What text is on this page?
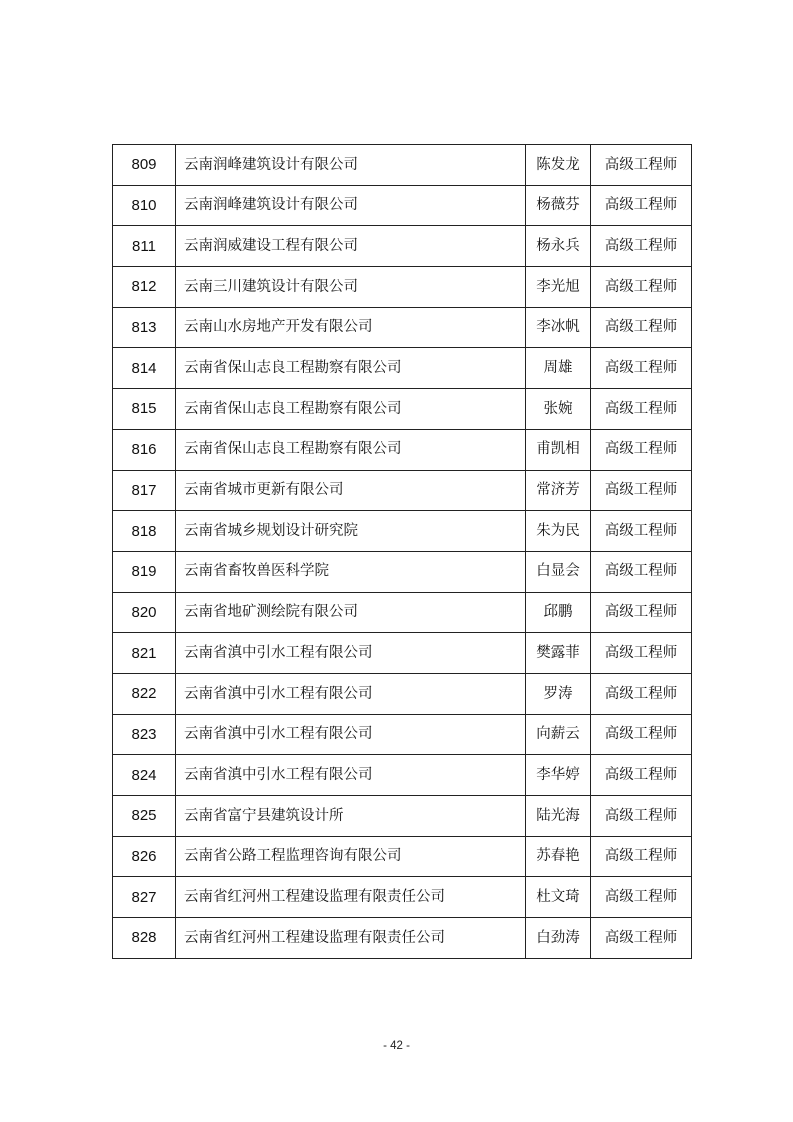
809	云南润峰建筑设计有限公司	陈发龙	高级工程师
810	云南润峰建筑设计有限公司	杨薇芬	高级工程师
811	云南润威建设工程有限公司	杨永兵	高级工程师
812	云南三川建筑设计有限公司	李光旭	高级工程师
813	云南山水房地产开发有限公司	李冰帆	高级工程师
814	云南省保山志良工程勘察有限公司	周雄	高级工程师
815	云南省保山志良工程勘察有限公司	张婉	高级工程师
816	云南省保山志良工程勘察有限公司	甫凯相	高级工程师
817	云南省城市更新有限公司	常济芳	高级工程师
818	云南省城乡规划设计研究院	朱为民	高级工程师
819	云南省畜牧兽医科学院	白显会	高级工程师
820	云南省地矿测绘院有限公司	邱鹏	高级工程师
821	云南省滇中引水工程有限公司	樊露菲	高级工程师
822	云南省滇中引水工程有限公司	罗涛	高级工程师
823	云南省滇中引水工程有限公司	向薪云	高级工程师
824	云南省滇中引水工程有限公司	李华婷	高级工程师
825	云南省富宁县建筑设计所	陆光海	高级工程师
826	云南省公路工程监理咨询有限公司	苏春艳	高级工程师
827	云南省红河州工程建设监理有限责任公司	杜文琦	高级工程师
828	云南省红河州工程建设监理有限责任公司	白劲涛	高级工程师
- 42 -
